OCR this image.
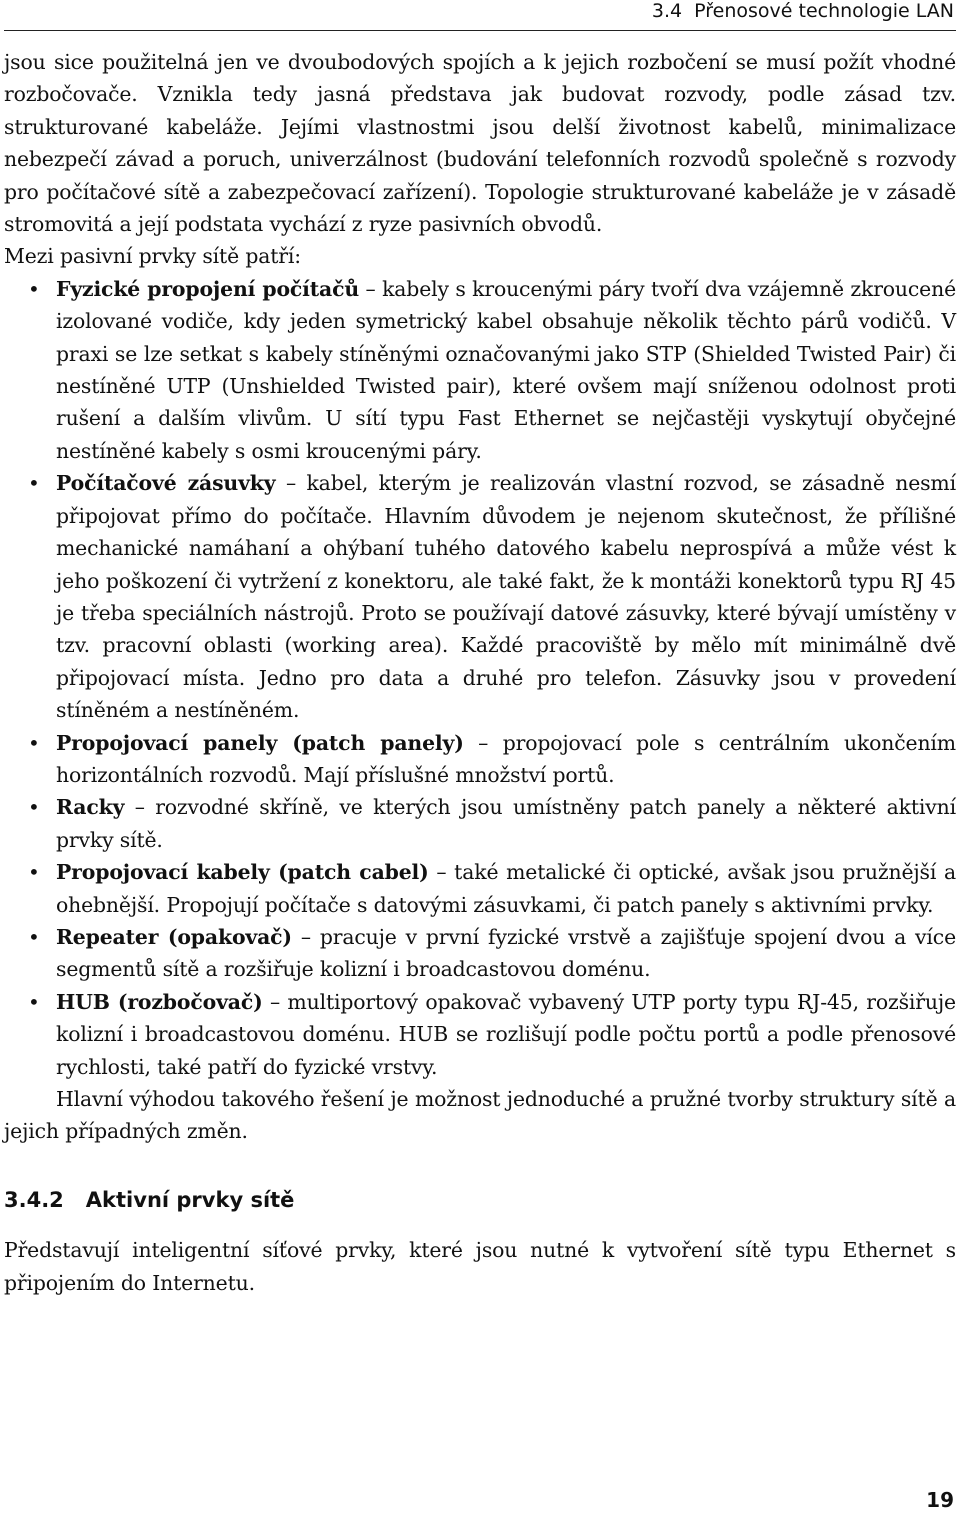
3.4 Přenosové technologie LAN

jsou sice použitelná jen ve dvoubodových spojích a k jejich rozbočení se musí požít vhodné rozbočovače. Vznikla tedy jasná představa jak budovat rozvody, podle zásad tzv. strukturované kabeláže. Jejími vlastnostmi jsou delší životnost kabelů, minimalizace nebezpečí závad a poruch, univerzálnost (budování telefonních rozvodů společně s rozvody pro počítačové sítě a zabezpečovací zařízení). Topologie strukturované kabeláže je v zásadě stromovitá a její podstata vychází z ryze pasivních obvodů.

Mezi pasivní prvky sítě patří:

• Fyzické propojení počítačů – kabely s kroucenými páry tvoří dva vzájemně zkroucené izolované vodiče, kdy jeden symetrický kabel obsahuje několik těchto párů vodičů. V praxi se lze setkat s kabely stíněnými označovanými jako STP (Shielded Twisted Pair) či nestíněné UTP (Unshielded Twisted pair), které ovšem mají sníženou odolnost proti rušení a dalším vlivům. U sítí typu Fast Ethernet se nejčastěji vyskytují obyčejné nestíněné kabely s osmi kroucenými páry.
• Počítačové zásuvky – kabel, kterým je realizován vlastní rozvod, se zásadně nesmí připojovat přímo do počítače. Hlavním důvodem je nejenom skutečnost, že přílišné mechanické namáhaní a ohýbaní tuhého datového kabelu neprospívá a může vést k jeho poškození či vytržení z konektoru, ale také fakt, že k montáži konektorů typu RJ 45 je třeba speciálních nástrojů. Proto se používají datové zásuvky, které bývají umístěny v tzv. pracovní oblasti (working area). Každé pracoviště by mělo mít minimálně dvě připojovací místa. Jedno pro data a druhé pro telefon. Zásuvky jsou v provedení stíněném a nestíněném.
• Propojovací panely (patch panely) – propojovací pole s centrálním ukončením horizontálních rozvodů. Mají příslušné množství portů.
• Racky – rozvodné skříně, ve kterých jsou umístněny patch panely a některé aktivní prvky sítě.
• Propojovací kabely (patch cabel) – také metalické či optické, avšak jsou pružnější a ohebnější. Propojují počítače s datovými zásuvkami, či patch panely s aktivními prvky.
• Repeater (opakovač) – pracuje v první fyzické vrstvě a zajišťuje spojení dvou a více segmentů sítě a rozšiřuje kolizní i broadcastovou doménu.
• HUB (rozbočovač) – multiportový opakovač vybavený UTP porty typu RJ-45, rozšiřuje kolizní i broadcastovou doménu. HUB se rozlišují podle počtu portů a podle přenosové rychlosti, také patří do fyzické vrstvy.

Hlavní výhodou takového řešení je možnost jednoduché a pružné tvorby struktury sítě a jejich případných změn.

3.4.2 Aktivní prvky sítě

Představují inteligentní síťové prvky, které jsou nutné k vytvoření sítě typu Ethernet s připojením do Internetu.

19
